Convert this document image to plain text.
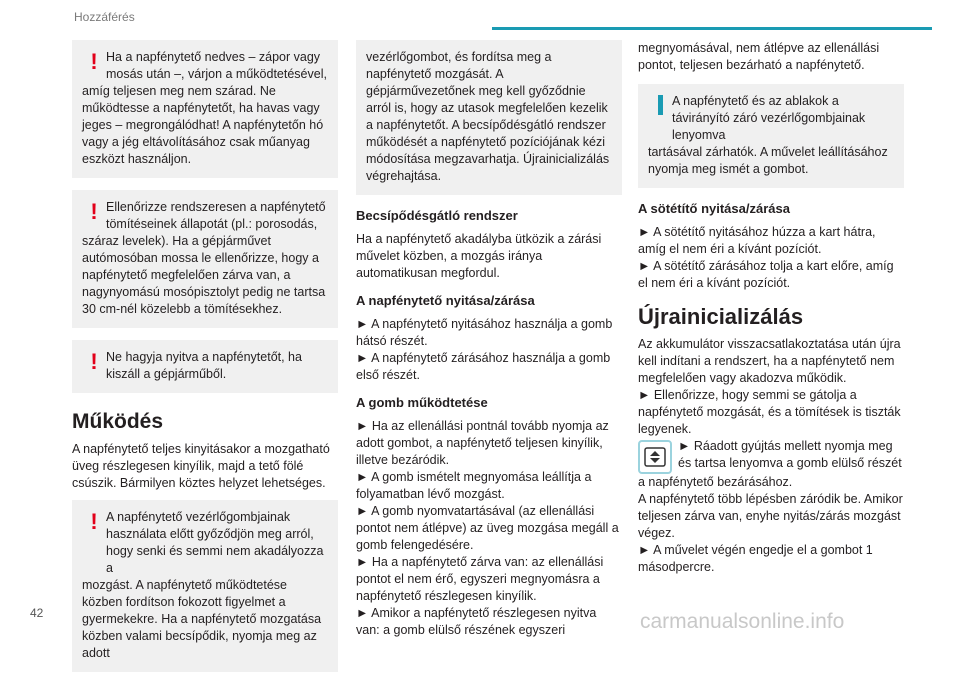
Hozzáférés
! Ha a napfénytető nedves – zápor vagy mosás után –, várjon a működtetésével,
amíg teljesen meg nem szárad. Ne működtesse a napfénytetőt, ha havas vagy jeges – megrongálódhat! A napfénytetőn hó vagy a jég eltávolításához csak műanyag eszközt használjon.
! Ellenőrizze rendszeresen a napfénytető tömítéseinek állapotát (pl.: porosodás,
száraz levelek). Ha a gépjárművet autómosóban mossa le ellenőrizze, hogy a napfénytető megfelelően zárva van, a nagynyomású mosópisztolyt pedig ne tartsa 30 cm-nél közelebb a tömítésekhez.
! Ne hagyja nyitva a napfénytetőt, ha kiszáll a gépjárműből.
Működés

A napfénytető teljes kinyitásakor a mozgatható üveg részlegesen kinyílik, majd a tető fölé csúszik. Bármilyen köztes helyzet lehetséges.

! A napfénytető vezérlőgombjainak használata előtt győződjön meg arról, hogy senki és semmi nem akadályozza a
mozgást. A napfénytető működtetése közben fordítson fokozott figyelmet a gyermekekre. Ha a napfénytető mozgatása közben valami becsípődik, nyomja meg az adott
vezérlőgombot, és fordítsa meg a napfénytető mozgását. A gépjárművezetőnek meg kell győződnie arról is, hogy az utasok megfelelően kezelik a napfénytetőt. A becsípődésgátló rendszer működését a napfénytető pozíciójának kézi módosítása megzavarhatja. Újrainicializálás végrehajtása.
Becsípődésgátló rendszer

Ha a napfénytető akadályba ütközik a zárási művelet közben, a mozgás iránya automatikusan megfordul.

A napfénytető nyitása/zárása

► A napfénytető nyitásához használja a gomb hátsó részét.

► A napfénytető zárásához használja a gomb első részét.

A gomb működtetése

► Ha az ellenállási pontnál tovább nyomja az adott gombot, a napfénytető teljesen kinyílik, illetve bezáródik.

► A gomb ismételt megnyomása leállítja a folyamatban lévő mozgást.

► A gomb nyomvatartásával (az ellenállási pontot nem átlépve) az üveg mozgása megáll a gomb felengedésére.

► Ha a napfénytető zárva van: az ellenállási pontot el nem érő, egyszeri megnyomásra a napfénytető részlegesen kinyílik.

► Amikor a napfénytető részlegesen nyitva van: a gomb elülső részének egyszeri

megnyomásával, nem átlépve az ellenállási pontot, teljesen bezárható a napfénytető.

A napfénytető és az ablakok a távirányító záró vezérlőgombjainak lenyomva
tartásával zárhatók. A művelet leállításához nyomja meg ismét a gombot.
A sötétítő nyitása/zárása

► A sötétítő nyitásához húzza a kart hátra, amíg el nem éri a kívánt pozíciót.

► A sötétítő zárásához tolja a kart előre, amíg el nem éri a kívánt pozíciót.

Újrainicializálás

Az akkumulátor visszacsatlakoztatása után újra kell indítani a rendszert, ha a napfénytető nem megfelelően vagy akadozva működik.

► Ellenőrizze, hogy semmi se gátolja a napfénytető mozgását, és a tömítések is tiszták legyenek.

► Ráadott gyújtás mellett nyomja meg és tartsa lenyomva a gomb elülső részét

a napfénytető bezárásához.

A napfénytető több lépésben záródik be. Amikor teljesen zárva van, enyhe nyitás/zárás mozgást végez.

► A művelet végén engedje el a gombot 1 másodpercre.

42	carmanualsonline.info
